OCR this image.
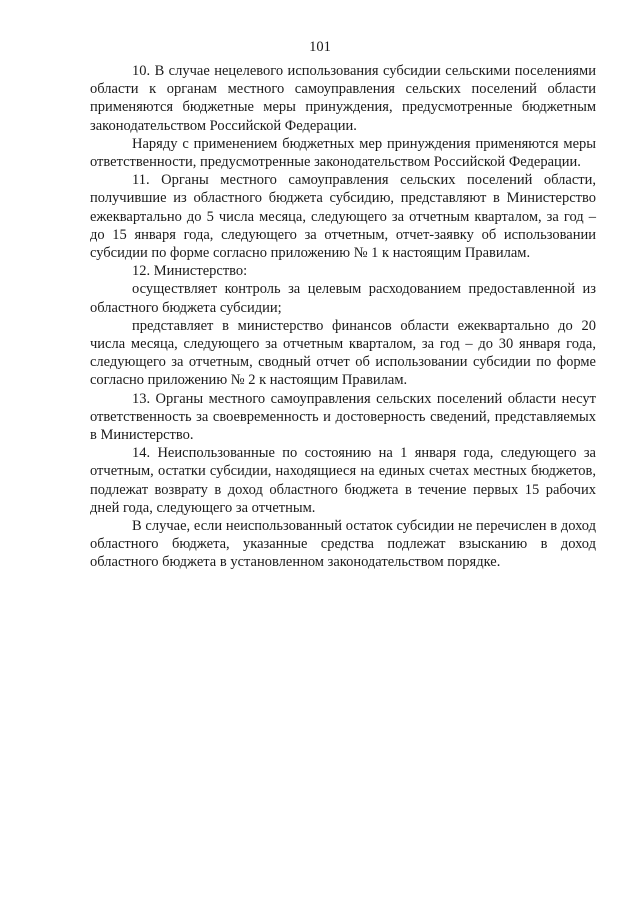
101

10. В случае нецелевого использования субсидии сельскими поселениями области к органам местного самоуправления сельских поселений области применяются бюджетные меры принуждения, предусмотренные бюджетным законодательством Российской Федерации.

Наряду с применением бюджетных мер принуждения применяются меры ответственности, предусмотренные законодательством Российской Федерации.

11. Органы местного самоуправления сельских поселений области, получившие из областного бюджета субсидию, представляют в Министерство ежеквартально до 5 числа месяца, следующего за отчетным кварталом, за год – до 15 января года, следующего за отчетным, отчет-заявку об использовании субсидии по форме согласно приложению № 1 к настоящим Правилам.

12. Министерство:

осуществляет контроль за целевым расходованием предоставленной из областного бюджета субсидии;

представляет в министерство финансов области ежеквартально до 20 числа месяца, следующего за отчетным кварталом, за год – до 30 января года, следующего за отчетным, сводный отчет об использовании субсидии по форме согласно приложению № 2 к настоящим Правилам.

13. Органы местного самоуправления сельских поселений области несут ответственность за своевременность и достоверность сведений, представляемых в Министерство.

14. Неиспользованные по состоянию на 1 января года, следующего за отчетным, остатки субсидии, находящиеся на единых счетах местных бюджетов, подлежат возврату в доход областного бюджета в течение первых 15 рабочих дней года, следующего за отчетным.

В случае, если неиспользованный остаток субсидии не перечислен в доход областного бюджета, указанные средства подлежат взысканию в доход областного бюджета в установленном законодательством порядке.
